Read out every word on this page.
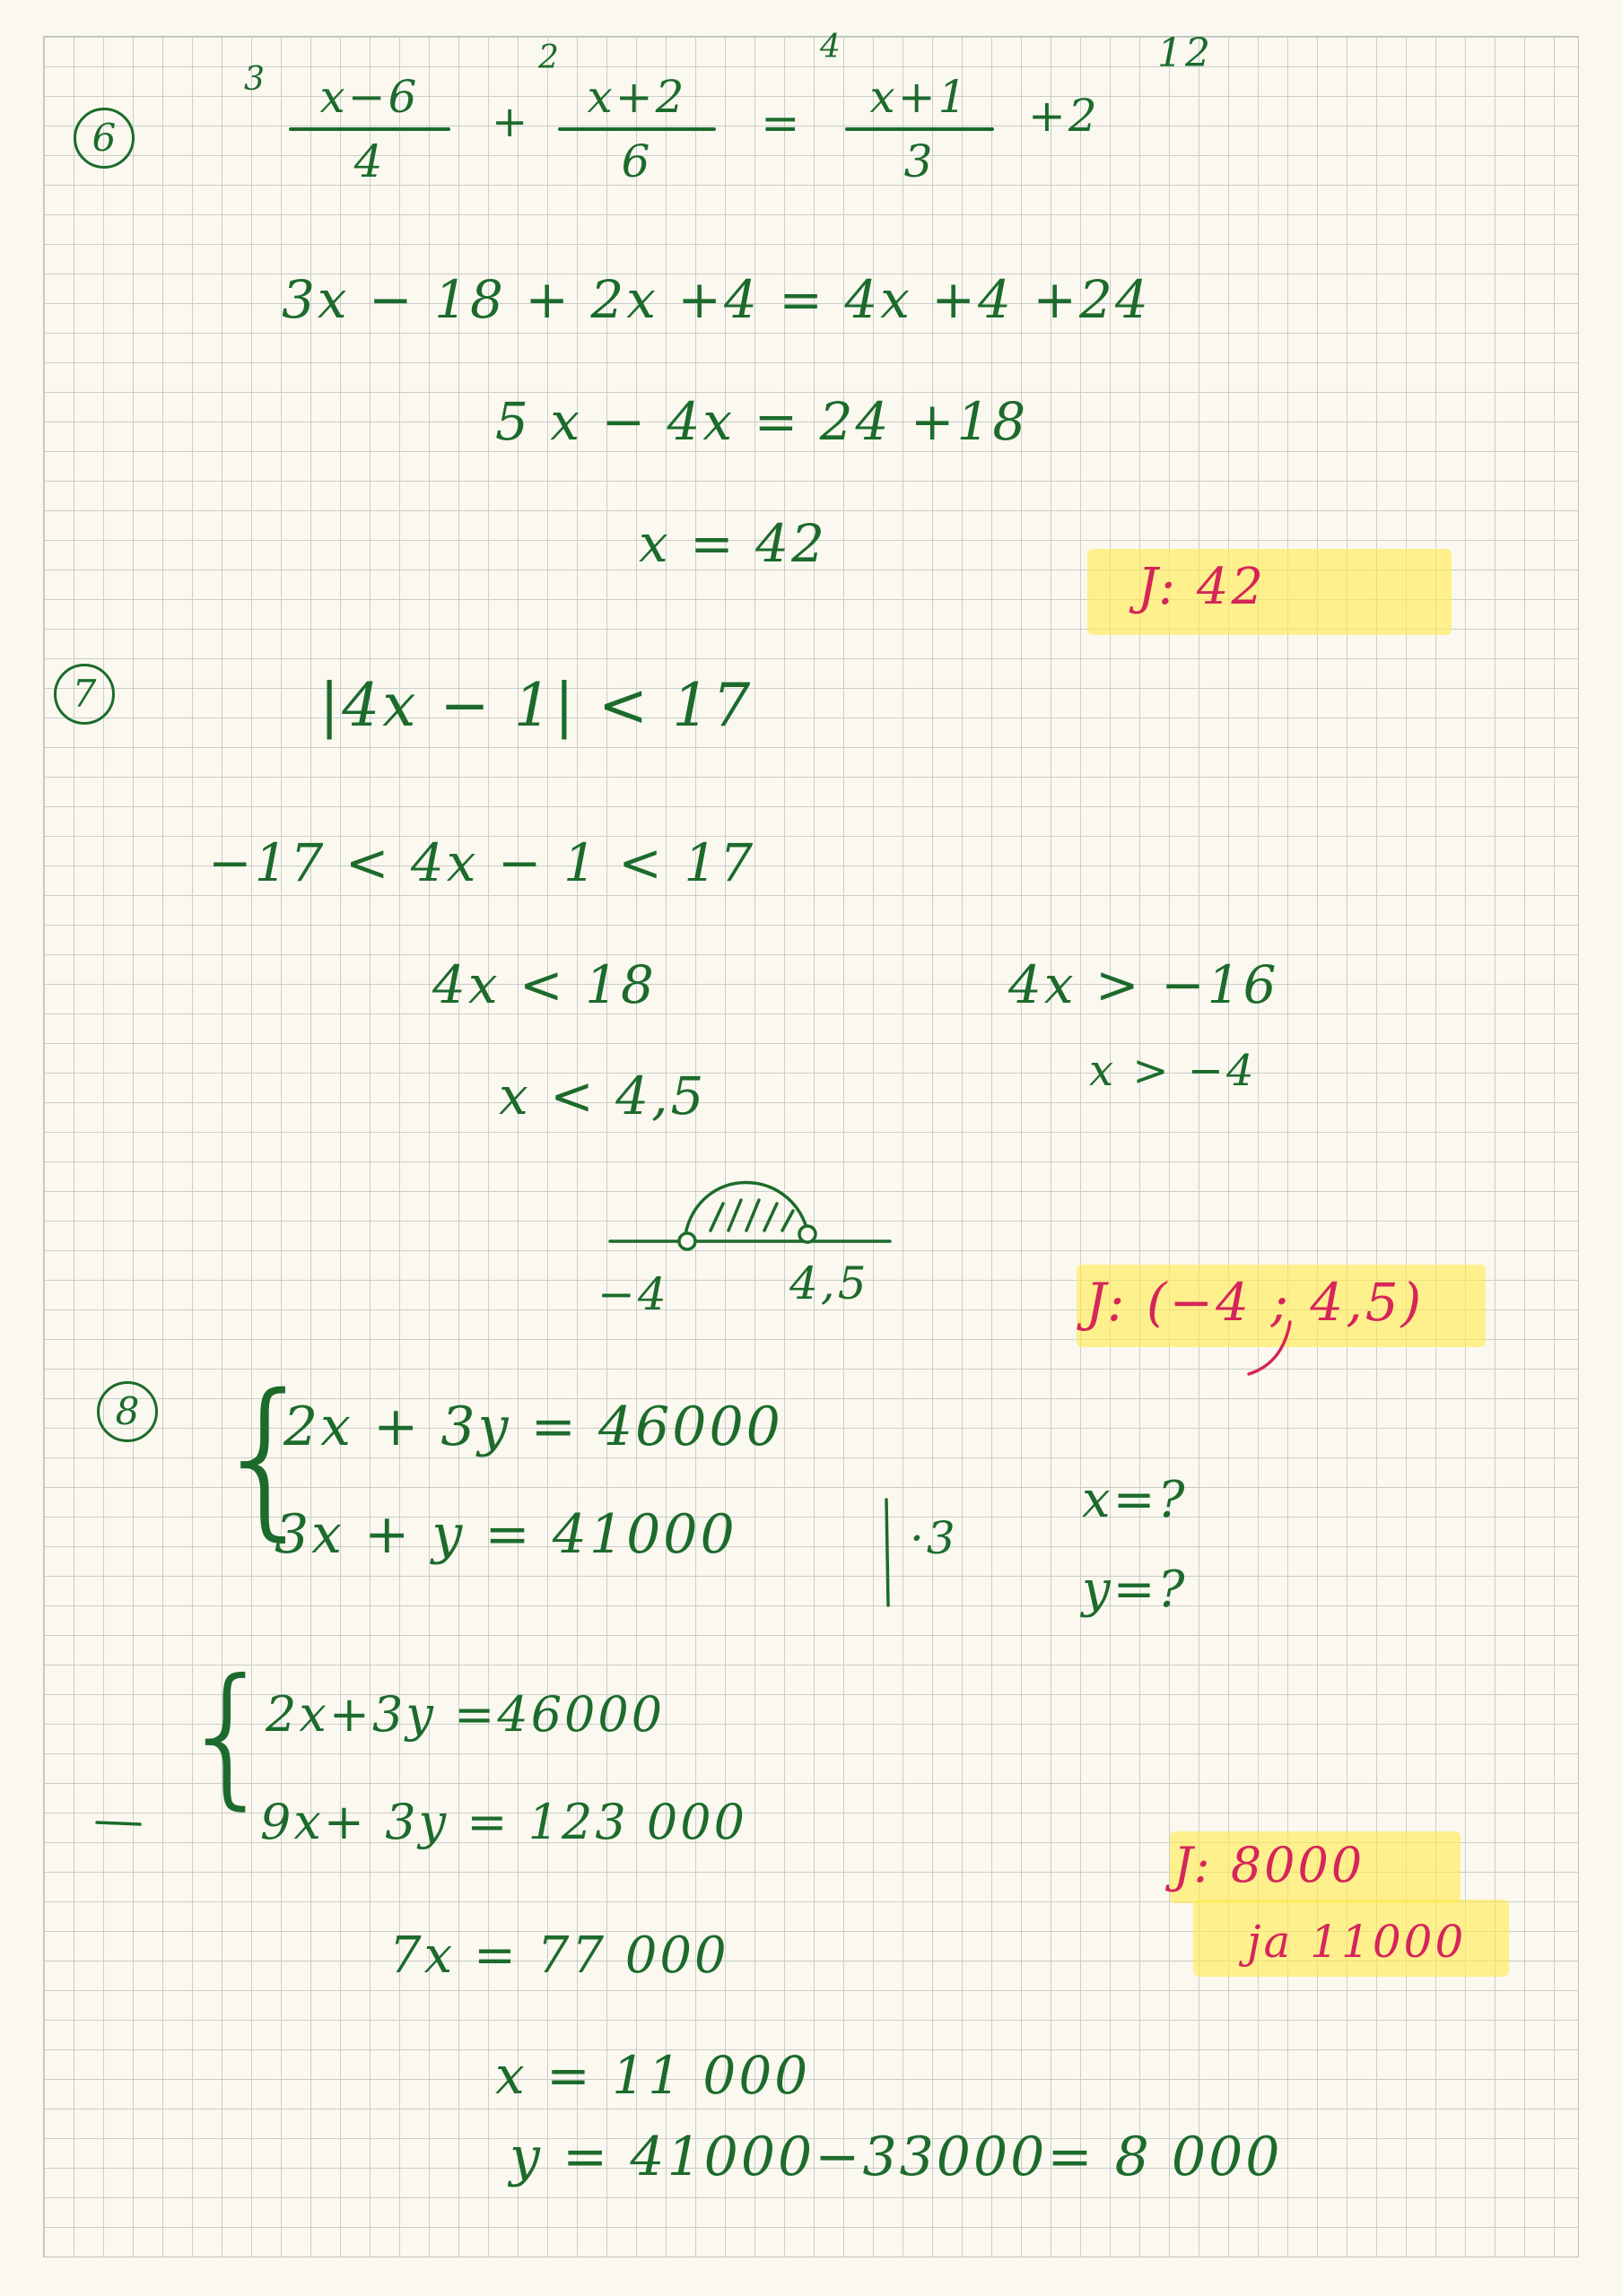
6
3	x−6
4
+
2
x+2
6
=
4
x+1
3
+2
12
3x − 18 + 2x +4 = 4x +4 +24
5 x − 4x = 24 +18
x = 42
J: 42
7	|4x − 1| < 17
−17 < 4x − 1 < 17
4x < 18
x < 4,5
4x > −16
x > −4
−4	4,5	J: (−4 ; 4,5)
8 {
2x + 3y = 46000
3x + y = 41000	·3
x=?
y=?
{
2x+3y =46000
9x+ 3y = 123 000
7x = 77 000
x = 11 000
y = 41000−33000= 8 000
J: 8000
ja 11000
